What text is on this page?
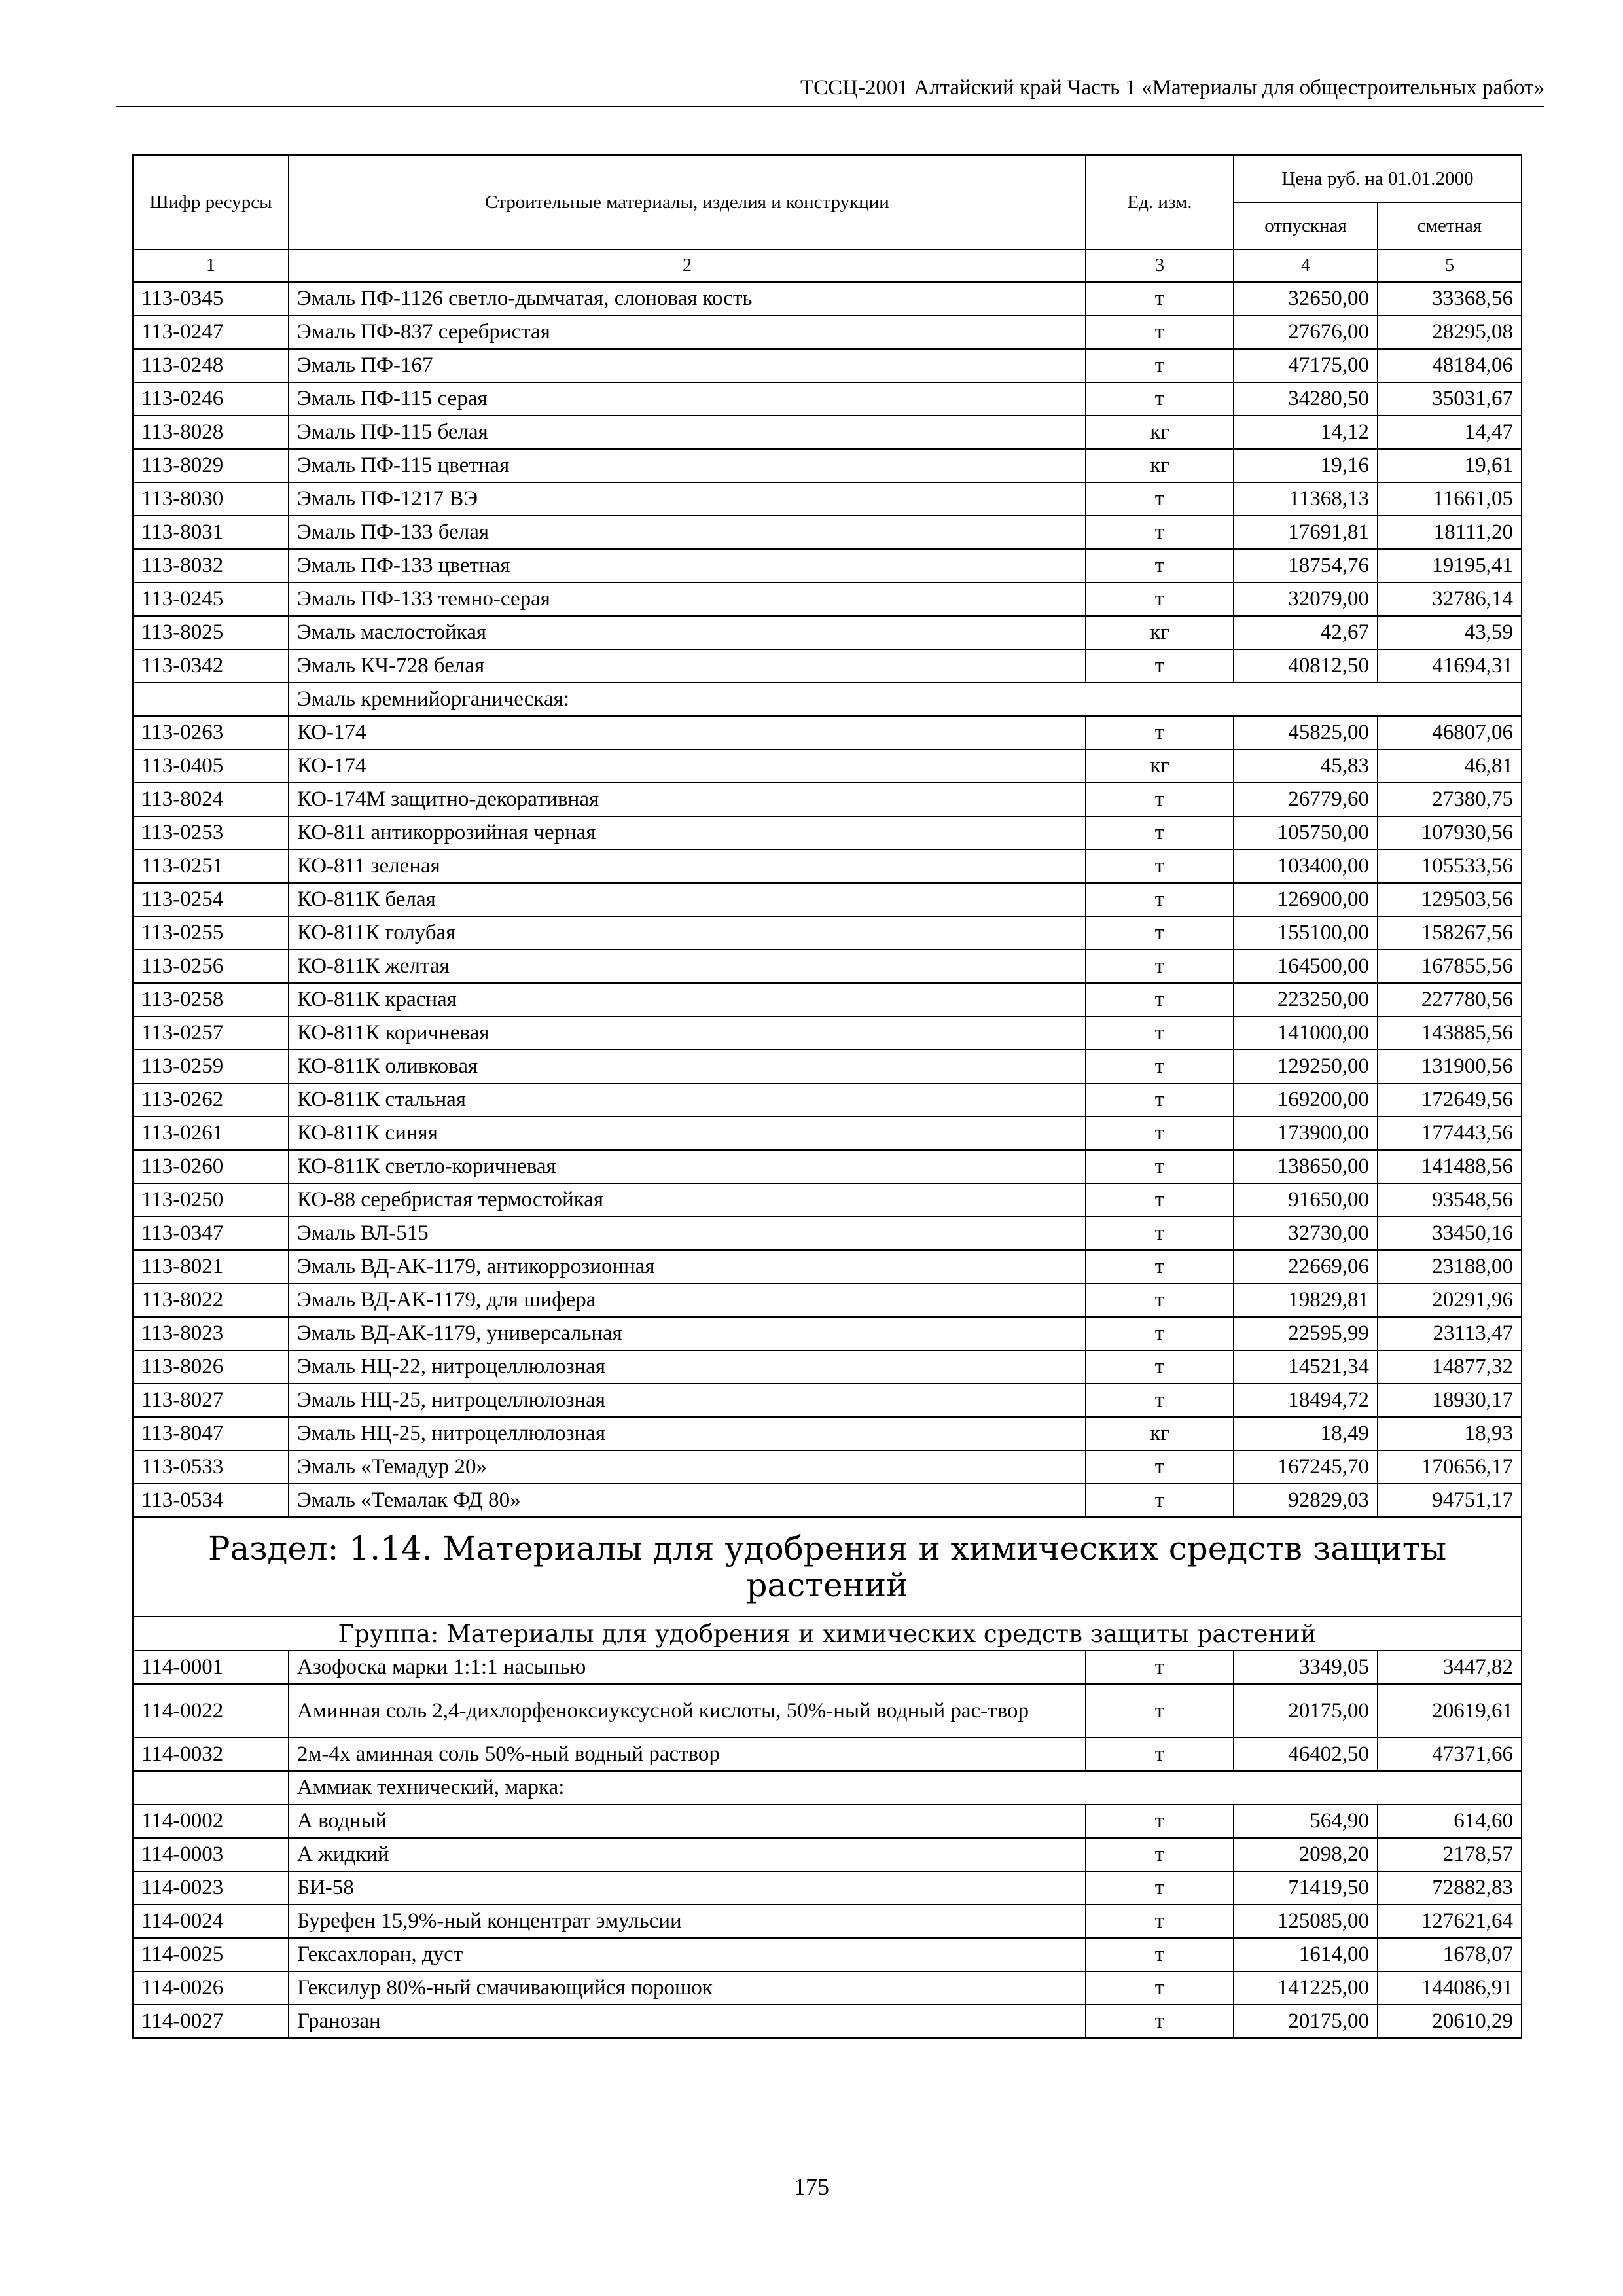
ТССЦ-2001 Алтайский край Часть 1 «Материалы для общестроительных работ»
Шифр ресурсы	Строительные материалы, изделия и конструкции	Ед. изм.	Цена руб. на 01.01.2000	
			отпускная	сметная
1	2	3	4	5
113-0345	Эмаль ПФ-1126 светло-дымчатая, слоновая кость	т	32650,00	33368,56
113-0247	Эмаль ПФ-837 серебристая	т	27676,00	28295,08
113-0248	Эмаль ПФ-167	т	47175,00	48184,06
113-0246	Эмаль ПФ-115 серая	т	34280,50	35031,67
113-8028	Эмаль ПФ-115 белая	кг	14,12	14,47
113-8029	Эмаль ПФ-115 цветная	кг	19,16	19,61
113-8030	Эмаль ПФ-1217 ВЭ	т	11368,13	11661,05
113-8031	Эмаль ПФ-133 белая	т	17691,81	18111,20
113-8032	Эмаль ПФ-133 цветная	т	18754,76	19195,41
113-0245	Эмаль ПФ-133 темно-серая	т	32079,00	32786,14
113-8025	Эмаль маслостойкая	кг	42,67	43,59
113-0342	Эмаль КЧ-728 белая	т	40812,50	41694,31
	Эмаль кремнийорганическая:			
113-0263	КО-174	т	45825,00	46807,06
113-0405	КО-174	кг	45,83	46,81
113-8024	КО-174М защитно-декоративная	т	26779,60	27380,75
113-0253	КО-811 антикоррозийная черная	т	105750,00	107930,56
113-0251	КО-811 зеленая	т	103400,00	105533,56
113-0254	КО-811К белая	т	126900,00	129503,56
113-0255	КО-811К голубая	т	155100,00	158267,56
113-0256	КО-811К желтая	т	164500,00	167855,56
113-0258	КО-811К красная	т	223250,00	227780,56
113-0257	КО-811К коричневая	т	141000,00	143885,56
113-0259	КО-811К оливковая	т	129250,00	131900,56
113-0262	КО-811К стальная	т	169200,00	172649,56
113-0261	КО-811К синяя	т	173900,00	177443,56
113-0260	КО-811К светло-коричневая	т	138650,00	141488,56
113-0250	КО-88 серебристая термостойкая	т	91650,00	93548,56
113-0347	Эмаль ВЛ-515	т	32730,00	33450,16
113-8021	Эмаль ВД-АК-1179, антикоррозионная	т	22669,06	23188,00
113-8022	Эмаль ВД-АК-1179, для шифера	т	19829,81	20291,96
113-8023	Эмаль ВД-АК-1179, универсальная	т	22595,99	23113,47
113-8026	Эмаль НЦ-22, нитроцеллюлозная	т	14521,34	14877,32
113-8027	Эмаль НЦ-25, нитроцеллюлозная	т	18494,72	18930,17
113-8047	Эмаль НЦ-25, нитроцеллюлозная	кг	18,49	18,93
113-0533	Эмаль «Темадур 20»	т	167245,70	170656,17
113-0534	Эмаль «Темалак ФД 80»	т	92829,03	94751,17
Раздел: 1.14. Материалы для удобрения и химических средств защиты растений				
Группа: Материалы для удобрения и химических средств защиты растений				
114-0001	Азофоска марки 1:1:1 насыпью	т	3349,05	3447,82
114-0022	Аминная соль 2,4-дихлорфеноксиуксусной кислоты, 50%-ный водный рас-твор	т	20175,00	20619,61
114-0032	2м-4х аминная соль 50%-ный водный раствор	т	46402,50	47371,66
	Аммиак технический, марка:			
114-0002	А водный	т	564,90	614,60
114-0003	А жидкий	т	2098,20	2178,57
114-0023	БИ-58	т	71419,50	72882,83
114-0024	Бурефен 15,9%-ный концентрат эмульсии	т	125085,00	127621,64
114-0025	Гексахлоран, дуст	т	1614,00	1678,07
114-0026	Гексилур 80%-ный смачивающийся порошок	т	141225,00	144086,91
114-0027	Гранозан	т	20175,00	20610,29
175
